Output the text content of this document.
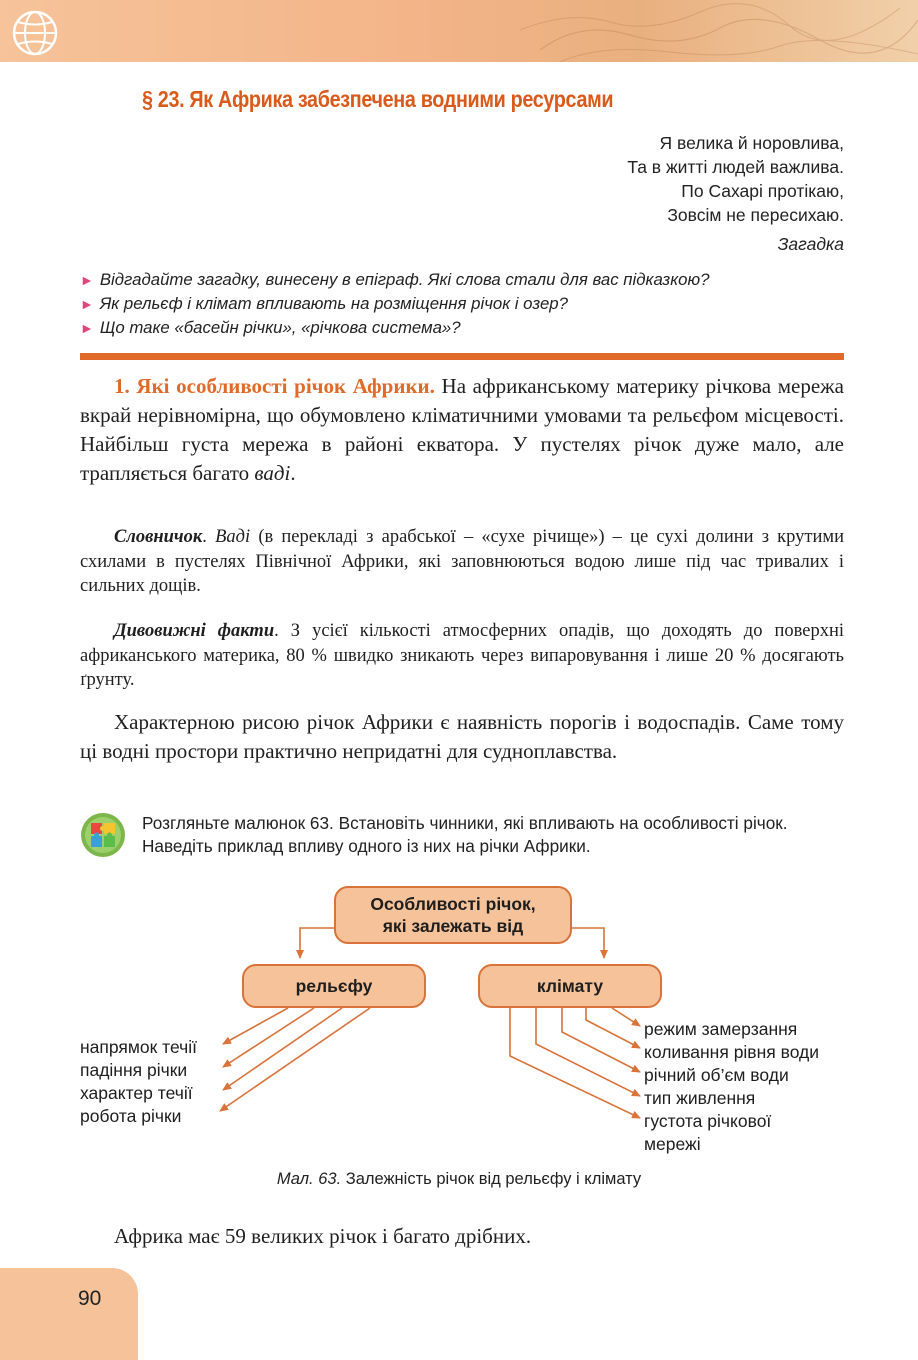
§ 23. Як Африка забезпечена водними ресурсами
Я велика й норовлива,
Та в житті людей важлива.
По Сахарі протікаю,
Зовсім не пересихаю.
Загадка
► Відгадайте загадку, винесену в епіграф. Які слова стали для вас підказкою?
► Як рельєф і клімат впливають на розміщення річок і озер?
► Що таке «басейн річки», «річкова система»?
1. Які особливості річок Африки. На африканському материку річкова мережа вкрай нерівномірна, що обумовлено кліматичними умовами та рельєфом місцевості. Найбільш густа мережа в районі екватора. У пустелях річок дуже мало, але трапляється багато ваді.
Словничок. Ваді (в перекладі з арабської – «сухе річище») – це сухі долини з крутими схилами в пустелях Північної Африки, які заповнюються водою лише під час тривалих і сильних дощів.
Дивовижні факти. З усієї кількості атмосферних опадів, що доходять до поверхні африканського материка, 80 % швидко зникають через випаровування і лише 20 % досягають ґрунту.
Характерною рисою річок Африки є наявність порогів і водоспадів. Саме тому ці водні простори практично непридатні для судноплавства.
Розгляньте малюнок 63. Встановіть чинники, які впливають на особливості річок. Наведіть приклад впливу одного із них на річки Африки.
Особливості річок,
які залежать від
рельєфу	клімату
напрямок течії
падіння річки
характер течії
робота річки
режим замерзання
коливання рівня води
річний об’єм води
тип живлення
густота річкової
мережі
Мал. 63. Залежність річок від рельєфу і клімату
Африка має 59 великих річок і багато дрібних.
90
